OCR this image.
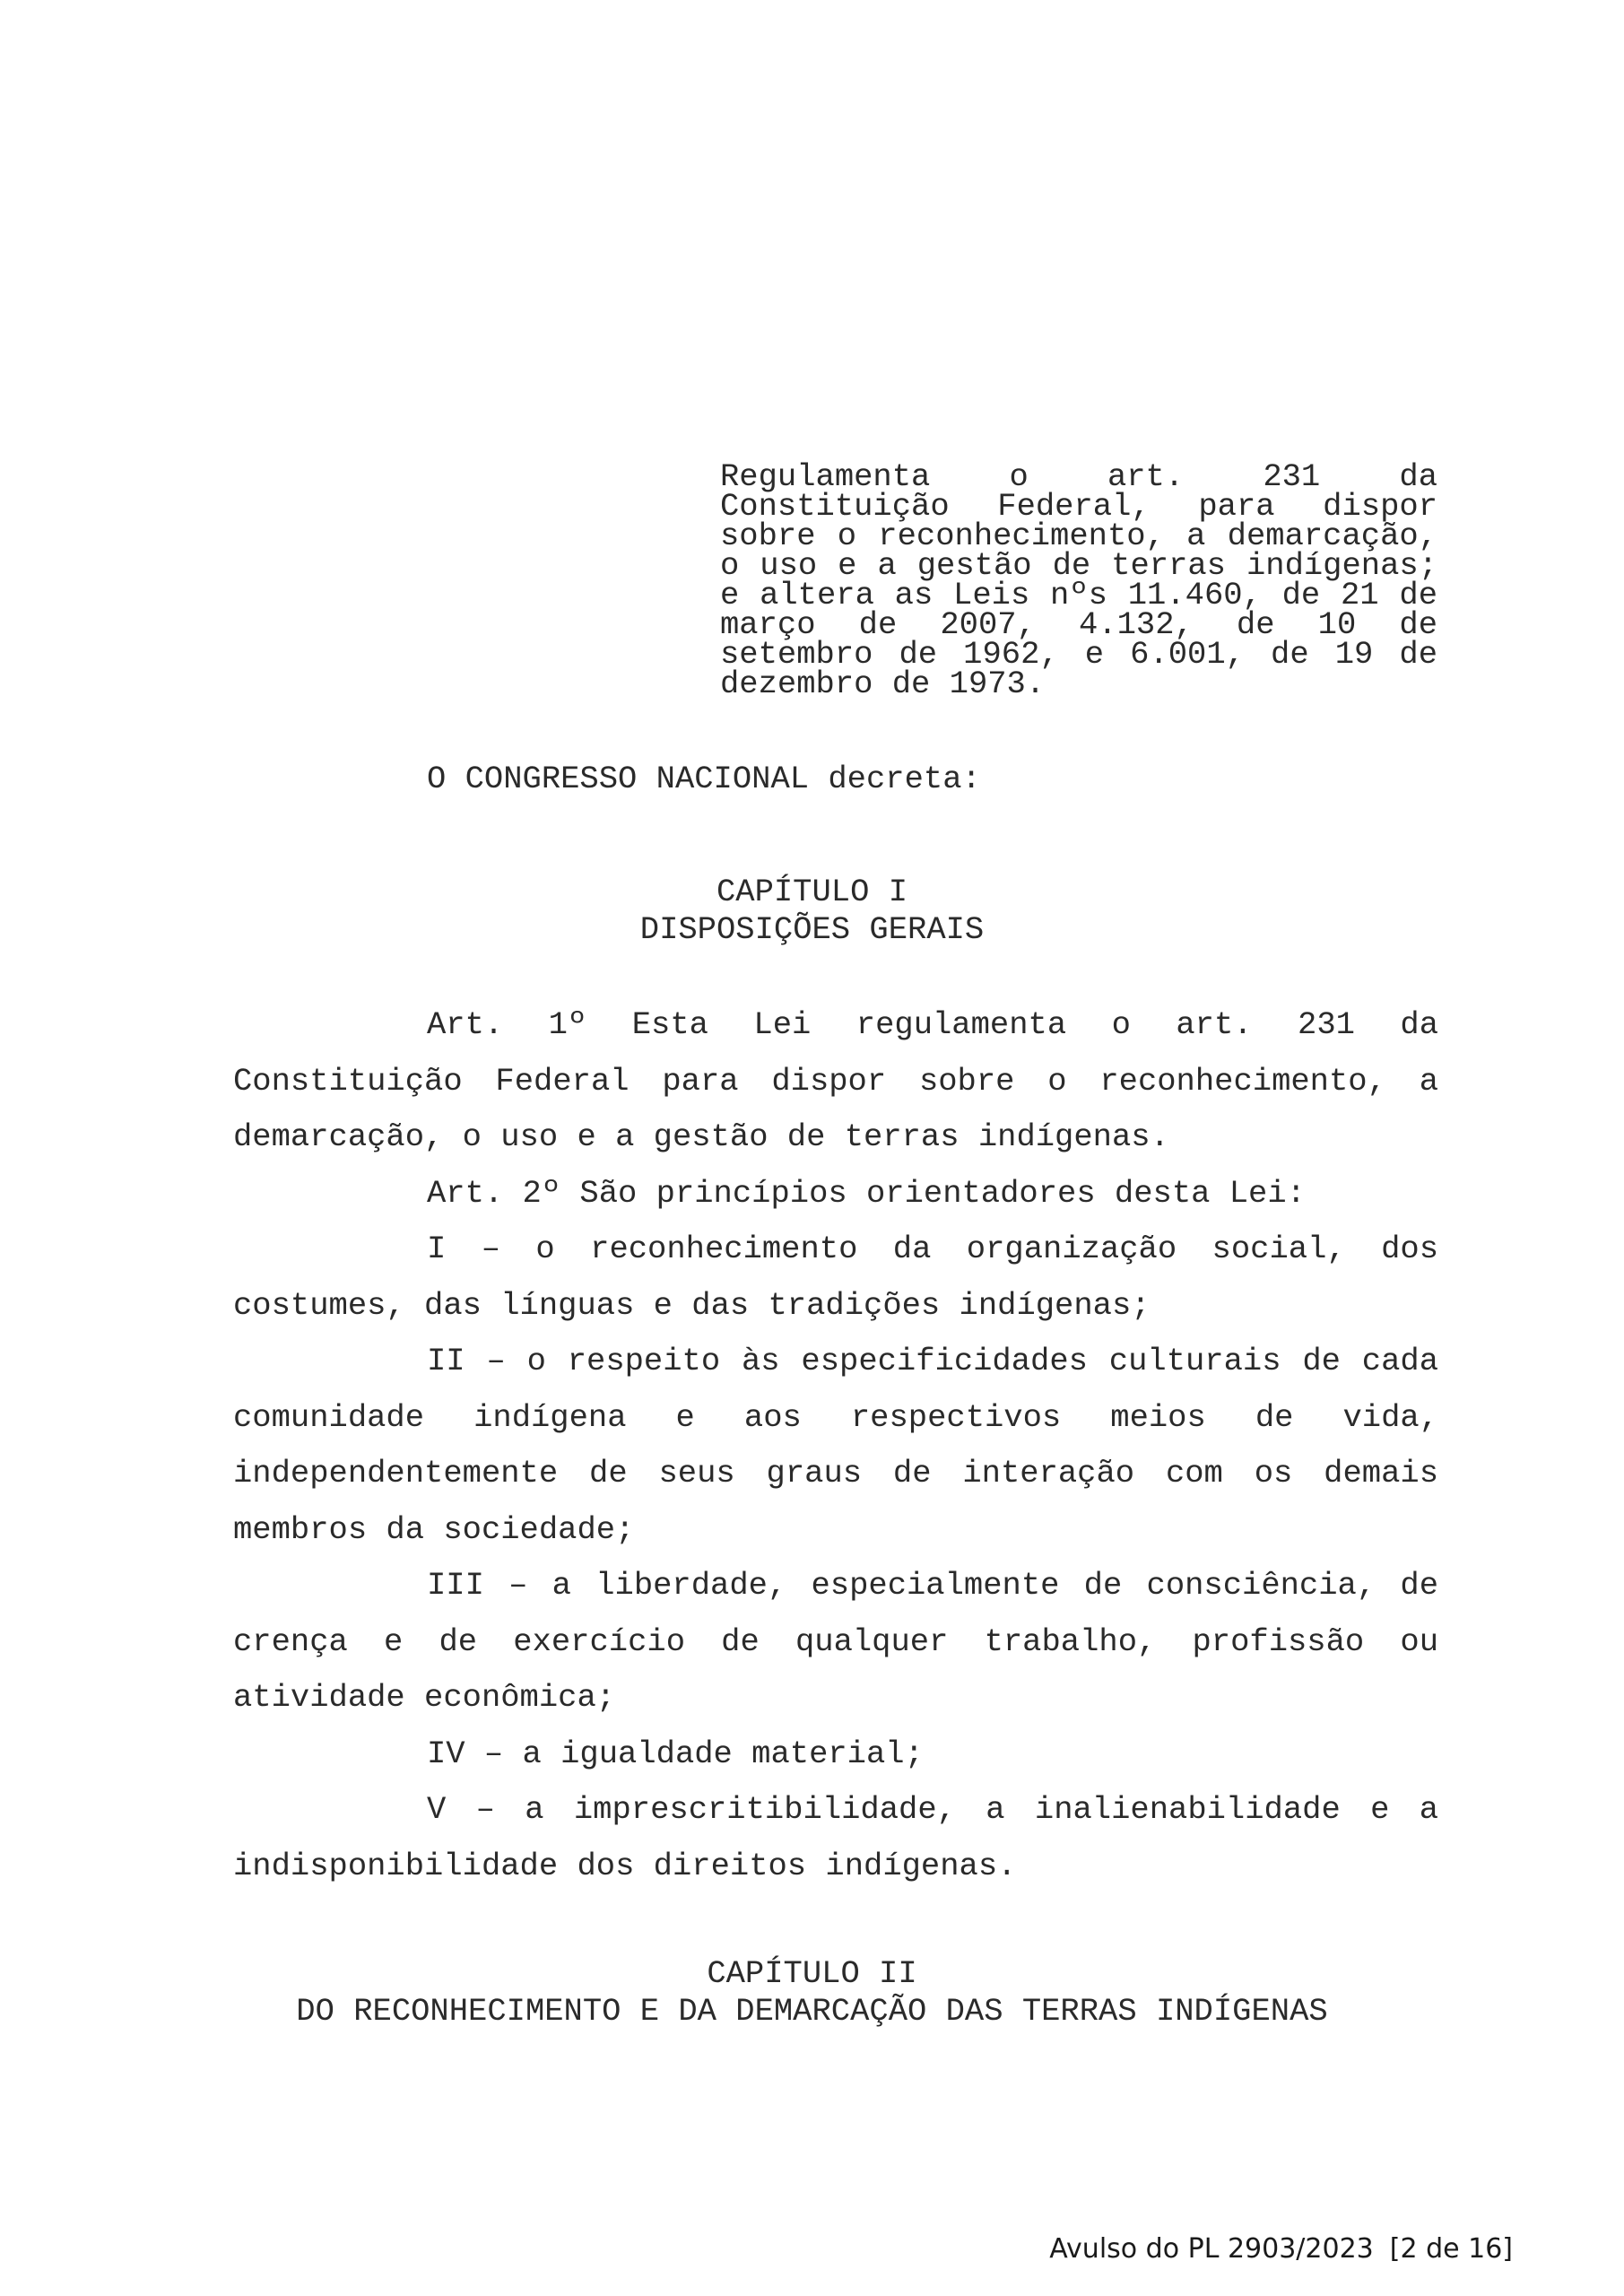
Regulamenta o art. 231 da Constituição Federal, para dispor sobre o reconhecimento, a demarcação, o uso e a gestão de terras indígenas; e altera as Leis nºs 11.460, de 21 de março de 2007, 4.132, de 10 de setembro de 1962, e 6.001, de 19 de dezembro de 1973.

O CONGRESSO NACIONAL decreta:

CAPÍTULO I
DISPOSIÇÕES GERAIS

Art. 1º Esta Lei regulamenta o art. 231 da Constituição Federal para dispor sobre o reconhecimento, a demarcação, o uso e a gestão de terras indígenas.

Art. 2º São princípios orientadores desta Lei:

I – o reconhecimento da organização social, dos costumes, das línguas e das tradições indígenas;

II – o respeito às especificidades culturais de cada comunidade indígena e aos respectivos meios de vida, independentemente de seus graus de interação com os demais membros da sociedade;

III – a liberdade, especialmente de consciência, de crença e de exercício de qualquer trabalho, profissão ou atividade econômica;

IV – a igualdade material;

V – a imprescritibilidade, a inalienabilidade e a indisponibilidade dos direitos indígenas.

CAPÍTULO II
DO RECONHECIMENTO E DA DEMARCAÇÃO DAS TERRAS INDÍGENAS
Avulso do PL 2903/2023 [2 de 16]
